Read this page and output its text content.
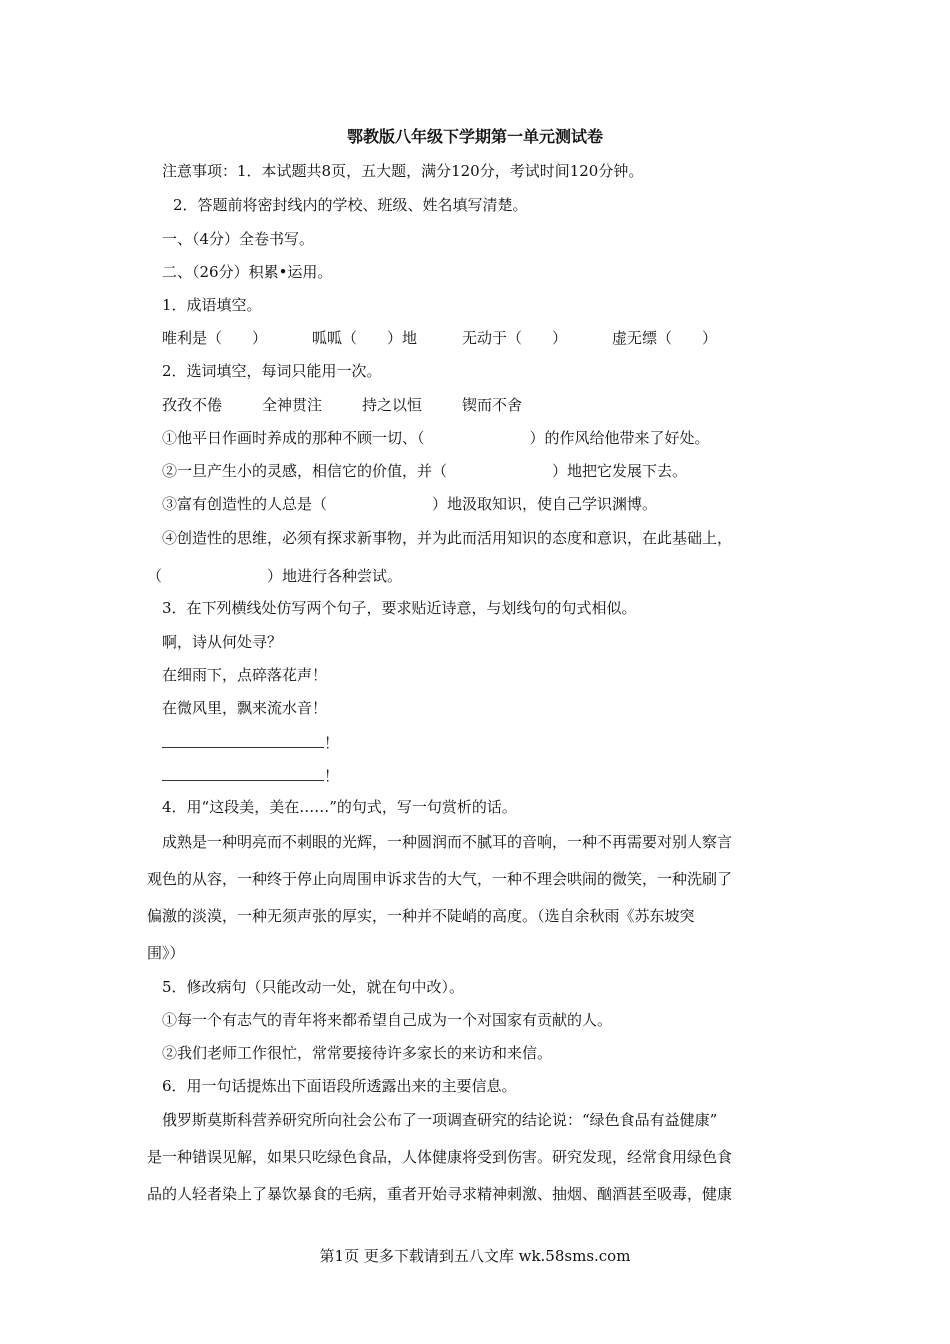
鄂教版八年级下学期第一单元测试卷
注意事项：1．本试题共8页，五大题，满分120分，考试时间120分钟。
2．答题前将密封线内的学校、班级、姓名填写清楚。
一、（4分）全卷书写。
二、（26分）积累•运用。
1．成语填空。
唯利是（　　）	呱呱（　　）地	无动于（　　）	虚无缥（　　）
2．选词填空，每词只能用一次。
孜孜不倦	全神贯注	持之以恒	锲而不舍
①他平日作画时养成的那种不顾一切、（	）的作风给他带来了好处。
②一旦产生小的灵感，相信它的价值，并（	）地把它发展下去。
③富有创造性的人总是（	）地汲取知识，使自己学识渊博。
④创造性的思维，必须有探求新事物，并为此而活用知识的态度和意识，在此基础上，
（	）地进行各种尝试。
3．在下列横线处仿写两个句子，要求贴近诗意，与划线句的句式相似。
啊，诗从何处寻？
在细雨下，点碎落花声！
在微风里，飘来流水音！
！
！
4．用“这段美，美在……”的句式，写一句赏析的话。
成熟是一种明亮而不刺眼的光辉，一种圆润而不腻耳的音响，一种不再需要对别人察言
观色的从容，一种终于停止向周围申诉求告的大气，一种不理会哄闹的微笑，一种洗刷了
偏激的淡漠，一种无须声张的厚实，一种并不陡峭的高度。（选自余秋雨《苏东坡突
围》）
5．修改病句（只能改动一处，就在句中改）。
①每一个有志气的青年将来都希望自己成为一个对国家有贡献的人。
②我们老师工作很忙，常常要接待许多家长的来访和来信。
6．用一句话提炼出下面语段所透露出来的主要信息。
俄罗斯莫斯科营养研究所向社会公布了一项调查研究的结论说：“绿色食品有益健康”
是一种错误见解，如果只吃绿色食品，人体健康将受到伤害。研究发现，经常食用绿色食
品的人轻者染上了暴饮暴食的毛病，重者开始寻求精神刺激、抽烟、酗酒甚至吸毒，健康
第1页 更多下载请到五八文库 wk.58sms.com
